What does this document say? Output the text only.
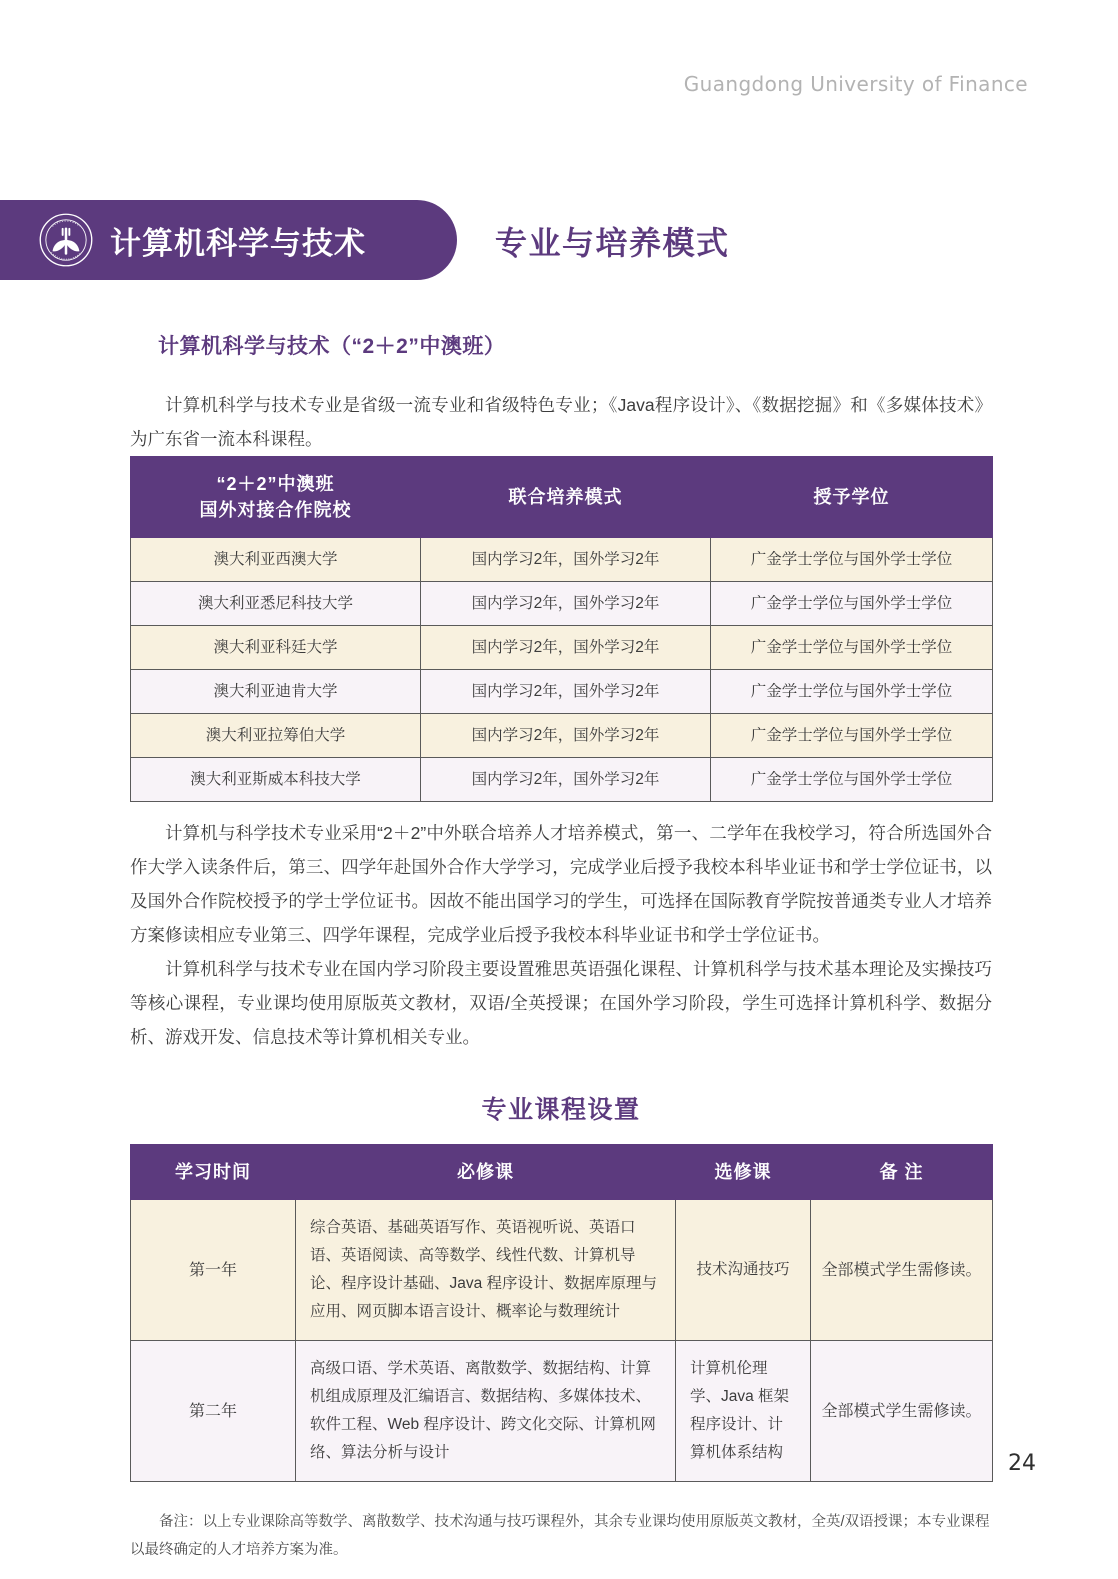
Guangdong University of Finance
计算机科学与技术	专业与培养模式
计算机科学与技术（“2＋2”中澳班）

计算机科学与技术专业是省级一流专业和省级特色专业；《Java程序设计》、《数据挖掘》和《多媒体技术》为广东省一流本科课程。

“2＋2”中澳班
国外对接合作院校	联合培养模式	授予学位
澳大利亚西澳大学	国内学习2年，国外学习2年	广金学士学位与国外学士学位
澳大利亚悉尼科技大学	国内学习2年，国外学习2年	广金学士学位与国外学士学位
澳大利亚科廷大学	国内学习2年，国外学习2年	广金学士学位与国外学士学位
澳大利亚迪肯大学	国内学习2年，国外学习2年	广金学士学位与国外学士学位
澳大利亚拉筹伯大学	国内学习2年，国外学习2年	广金学士学位与国外学士学位
澳大利亚斯威本科技大学	国内学习2年，国外学习2年	广金学士学位与国外学士学位

计算机与科学技术专业采用“2＋2”中外联合培养人才培养模式，第一、二学年在我校学习，符合所选国外合作大学入读条件后，第三、四学年赴国外合作大学学习，完成学业后授予我校本科毕业证书和学士学位证书，以及国外合作院校授予的学士学位证书。因故不能出国学习的学生，可选择在国际教育学院按普通类专业人才培养方案修读相应专业第三、四学年课程，完成学业后授予我校本科毕业证书和学士学位证书。

计算机科学与技术专业在国内学习阶段主要设置雅思英语强化课程、计算机科学与技术基本理论及实操技巧等核心课程，专业课均使用原版英文教材，双语/全英授课；在国外学习阶段，学生可选择计算机科学、数据分析、游戏开发、信息技术等计算机相关专业。

专业课程设置
学习时间	必修课	选修课	备 注
第一年	综合英语、基础英语写作、英语视听说、英语口语、英语阅读、高等数学、线性代数、计算机导论、程序设计基础、Java 程序设计、数据库原理与应用、网页脚本语言设计、概率论与数理统计	技术沟通技巧	全部模式学生需修读。
第二年	高级口语、学术英语、离散数学、数据结构、计算机组成原理及汇编语言、数据结构、多媒体技术、软件工程、Web 程序设计、跨文化交际、计算机网络、算法分析与设计	计算机伦理学、Java 框架程序设计、计算机体系结构	全部模式学生需修读。

备注：以上专业课除高等数学、离散数学、技术沟通与技巧课程外，其余专业课均使用原版英文教材，全英/双语授课；本专业课程以最终确定的人才培养方案为准。

24
